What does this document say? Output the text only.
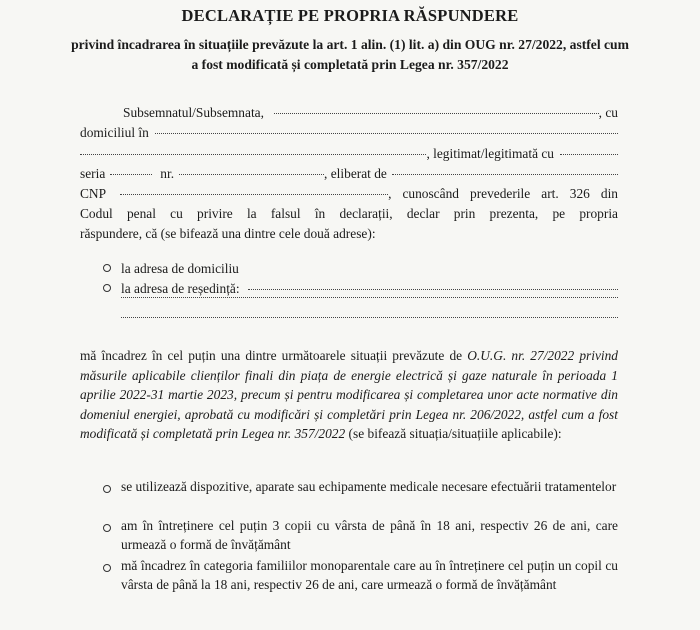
DECLARAȚIE PE PROPRIA RĂSPUNDERE
privind încadrarea în situațiile prevăzute la art. 1 alin. (1) lit. a) din OUG nr. 27/2022, astfel cum a fost modificată și completată prin Legea nr. 357/2022
Subsemnatul/Subsemnata,	, cu
domiciliul în
, legitimat/legitimată cu
seria	nr.	, eliberat de
CNP	, cunoscând prevederile art. 326 din
Codul penal cu privire la falsul în declarații, declar prin prezenta, pe propria
răspundere, că (se bifează una dintre cele două adrese):
la adresa de domiciliu
la adresa de reședință:
mă încadrez în cel puțin una dintre următoarele situații prevăzute de O.U.G. nr. 27/2022 privind măsurile aplicabile clienților finali din piața de energie electrică și gaze naturale în perioada 1 aprilie 2022-31 martie 2023, precum și pentru modificarea și completarea unor acte normative din domeniul energiei, aprobată cu modificări și completări prin Legea nr. 206/2022, astfel cum a fost modificată și completată prin Legea nr. 357/2022 (se bifează situația/situațiile aplicabile):
se utilizează dispozitive, aparate sau echipamente medicale necesare efectuării tratamentelor
am în întreținere cel puțin 3 copii cu vârsta de până în 18 ani, respectiv 26 de ani, care urmează o formă de învățământ
mă încadrez în categoria familiilor monoparentale care au în întreținere cel puțin un copil cu vârsta de până la 18 ani, respectiv 26 de ani, care urmează o formă de învățământ
